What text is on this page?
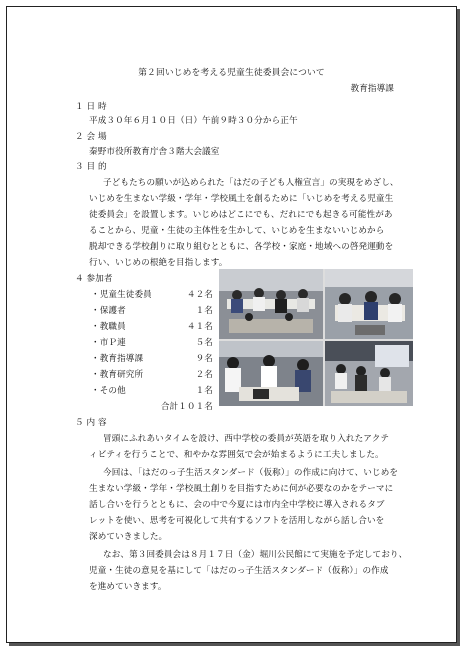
第２回いじめを考える児童生徒委員会について
教育指導課
１ 日 時
平成３０年６月１０日（日）午前９時３０分から正午
２ 会 場
秦野市役所教育庁舎３階大会議室
３ 目 的
子どもたちの願いが込められた「はだの子ども人権宣言」の実現をめざし、
いじめを生まない学級・学年・学校風土を創るために「いじめを考える児童生
徒委員会」を設置します。いじめはどこにでも、だれにでも起きる可能性があ
ることから、児童・生徒の主体性を生かして、いじめを生まないいじめから
脱却できる学校創りに取り組むとともに、各学校・家庭・地域への啓発運動を
行い、いじめの根絶を目指します。
４ 参加者
・児童生徒委員	４２名
・保護者	１名
・教職員	４１名
・市Ｐ連	５名
・教育指導課	９名
・教育研究所	２名
・その他	１名
合計１０１名
５ 内 容
冒頭にふれあいタイムを設け、西中学校の委員が英語を取り入れたアクテ
ィビティを行うことで、和やかな雰囲気で会が始まるように工夫しました。
今回は、「はだのっ子生活スタンダード（仮称）」の作成に向けて、いじめを
生まない学級・学年・学校風土創りを目指すために何が必要なのかをテーマに
話し合いを行うとともに、会の中で今夏には市内全中学校に導入されるタブ
レットを使い、思考を可視化して共有するソフトを活用しながら話し合いを
深めていきました。
なお、第３回委員会は８月１７日（金）堀川公民館にて実施を予定しており、
児童・生徒の意見を基にして「はだのっ子生活スタンダード（仮称）」の作成
を進めていきます。
